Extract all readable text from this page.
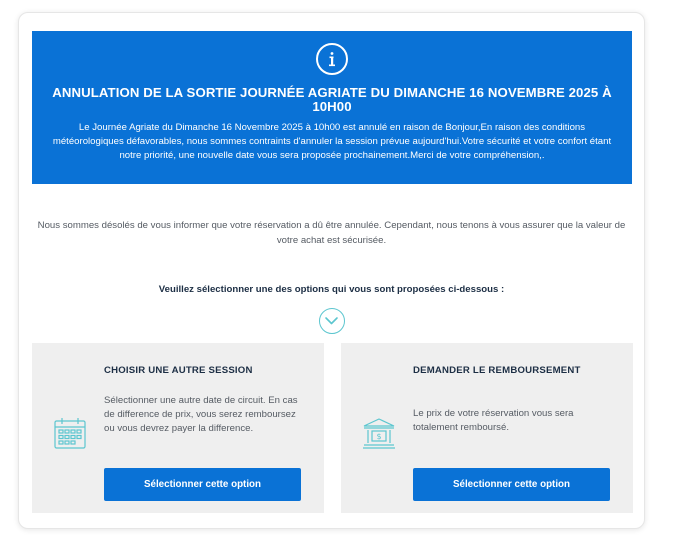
ANNULATION DE LA SORTIE JOURNÉE AGRIATE DU DIMANCHE 16 NOVEMBRE 2025 À 10H00
Le Journée Agriate du Dimanche 16 Novembre 2025 à 10h00 est annulé en raison de Bonjour,En raison des conditions météorologiques défavorables, nous sommes contraints d'annuler la session prévue aujourd'hui.Votre sécurité et votre confort étant notre priorité, une nouvelle date vous sera proposée prochainement.Merci de votre compréhension,.
Nous sommes désolés de vous informer que votre réservation a dû être annulée. Cependant, nous tenons à vous assurer que la valeur de votre achat est sécurisée.
Veuillez sélectionner une des options qui vous sont proposées ci-dessous :
CHOISIR UNE AUTRE SESSION
Sélectionner une autre date de circuit. En cas de difference de prix, vous serez remboursez ou vous devrez payer la difference.
Sélectionner cette option
$
DEMANDER LE REMBOURSEMENT
Le prix de votre réservation vous sera totalement remboursé.
Sélectionner cette option
